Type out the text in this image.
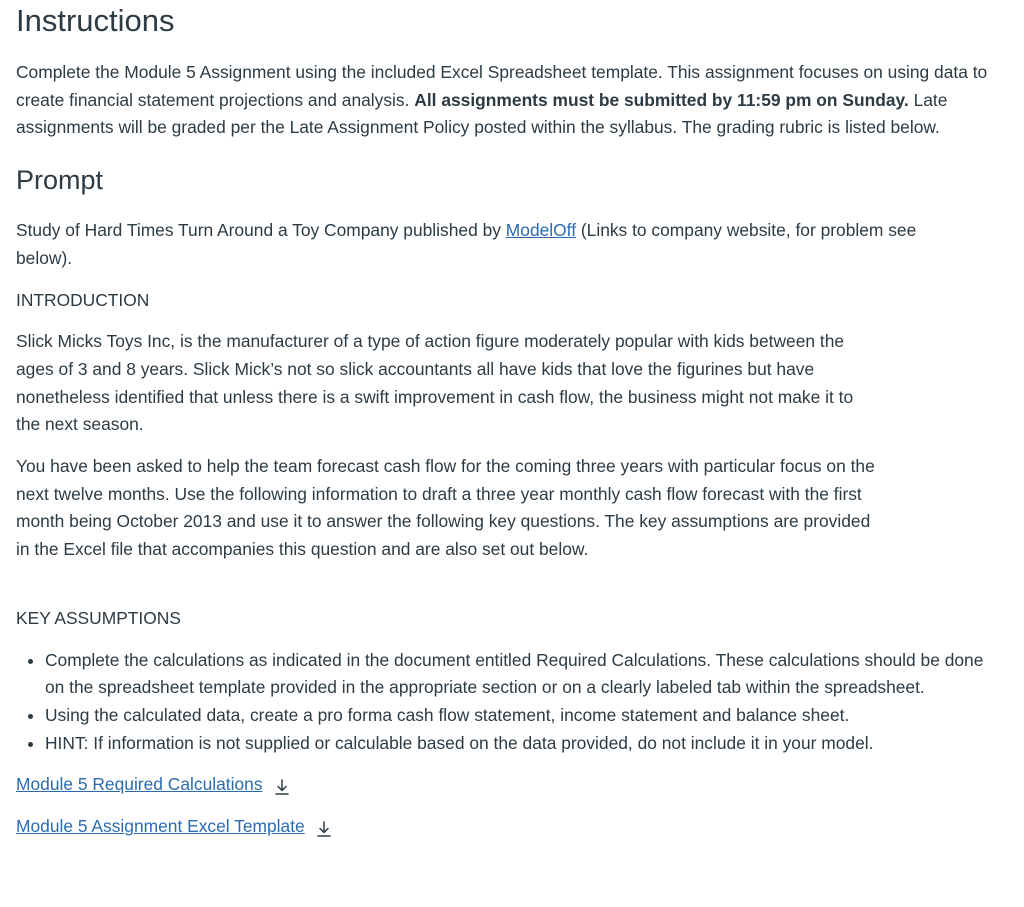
Instructions

Complete the Module 5 Assignment using the included Excel Spreadsheet template. This assignment focuses on using data to create financial statement projections and analysis. All assignments must be submitted by 11:59 pm on Sunday. Late assignments will be graded per the Late Assignment Policy posted within the syllabus. The grading rubric is listed below.

Prompt

Study of Hard Times Turn Around a Toy Company published by ModelOff (Links to company website, for problem see below).

INTRODUCTION

Slick Micks Toys Inc, is the manufacturer of a type of action figure moderately popular with kids between the ages of 3 and 8 years. Slick Mick’s not so slick accountants all have kids that love the figurines but have nonetheless identified that unless there is a swift improvement in cash flow, the business might not make it to the next season.

You have been asked to help the team forecast cash flow for the coming three years with particular focus on the next twelve months. Use the following information to draft a three year monthly cash flow forecast with the first month being October 2013 and use it to answer the following key questions. The key assumptions are provided in the Excel file that accompanies this question and are also set out below.

KEY ASSUMPTIONS

• Complete the calculations as indicated in the document entitled Required Calculations. These calculations should be done on the spreadsheet template provided in the appropriate section or on a clearly labeled tab within the spreadsheet.
• Using the calculated data, create a pro forma cash flow statement, income statement and balance sheet.
• HINT: If information is not supplied or calculable based on the data provided, do not include it in your model.
Module 5 Required Calculations
Module 5 Assignment Excel Template
